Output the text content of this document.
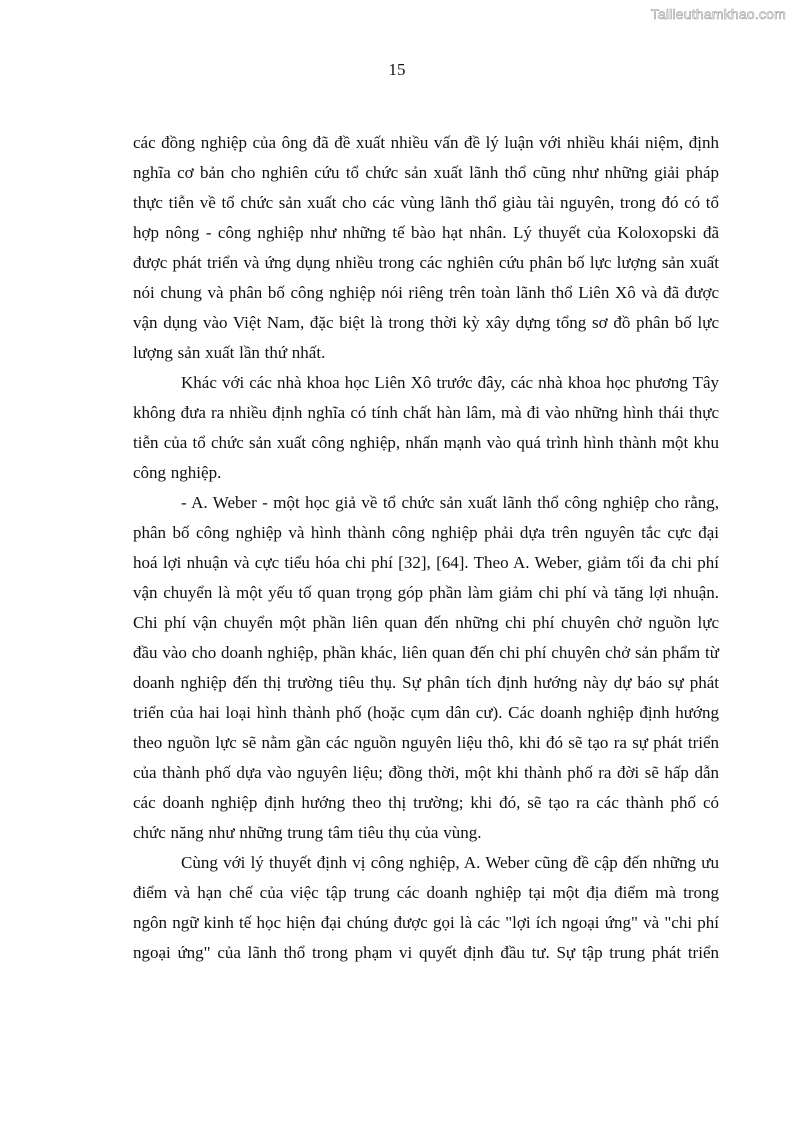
Tailieuthamkhao.com
15

các đồng nghiệp của ông đã đề xuất nhiều vấn đề lý luận với nhiều khái niệm, định nghĩa cơ bản cho nghiên cứu tổ chức sản xuất lãnh thổ cũng như những giải pháp thực tiễn về tổ chức sản xuất cho các vùng lãnh thổ giàu tài nguyên, trong đó có tổ hợp nông - công nghiệp như những tế bào hạt nhân. Lý thuyết của Koloxopski đã được phát triển và ứng dụng nhiều trong các nghiên cứu phân bố lực lượng sản xuất nói chung và phân bố công nghiệp nói riêng trên toàn lãnh thổ Liên Xô và đã được vận dụng vào Việt Nam, đặc biệt là trong thời kỳ xây dựng tổng sơ đồ phân bố lực lượng sản xuất lần thứ nhất.

Khác với các nhà khoa học Liên Xô trước đây, các nhà khoa học phương Tây không đưa ra nhiều định nghĩa có tính chất hàn lâm, mà đi vào những hình thái thực tiễn của tổ chức sản xuất công nghiệp, nhấn mạnh vào quá trình hình thành một khu công nghiệp.

- A. Weber - một học giả về tổ chức sản xuất lãnh thổ công nghiệp cho rằng, phân bố công nghiệp và hình thành công nghiệp phải dựa trên nguyên tắc cực đại hoá lợi nhuận và cực tiểu hóa chi phí [32], [64]. Theo A. Weber, giảm tối đa chi phí vận chuyển là một yếu tố quan trọng góp phần làm giảm chi phí và tăng lợi nhuận. Chi phí vận chuyển một phần liên quan đến những chi phí chuyên chở nguồn lực đầu vào cho doanh nghiệp, phần khác, liên quan đến chi phí chuyên chở sản phẩm từ doanh nghiệp đến thị trường tiêu thụ. Sự phân tích định hướng này dự báo sự phát triển của hai loại hình thành phố (hoặc cụm dân cư). Các doanh nghiệp định hướng theo nguồn lực sẽ nằm gần các nguồn nguyên liệu thô, khi đó sẽ tạo ra sự phát triển của thành phố dựa vào nguyên liệu; đồng thời, một khi thành phố ra đời sẽ hấp dẫn các doanh nghiệp định hướng theo thị trường; khi đó, sẽ tạo ra các thành phố có chức năng như những trung tâm tiêu thụ của vùng.

Cùng với lý thuyết định vị công nghiệp, A. Weber cũng đề cập đến những ưu điểm và hạn chế của việc tập trung các doanh nghiệp tại một địa điểm mà trong ngôn ngữ kinh tế học hiện đại chúng được gọi là các "lợi ích ngoại ứng" và "chi phí ngoại ứng" của lãnh thổ trong phạm vi quyết định đầu tư. Sự tập trung phát triển
